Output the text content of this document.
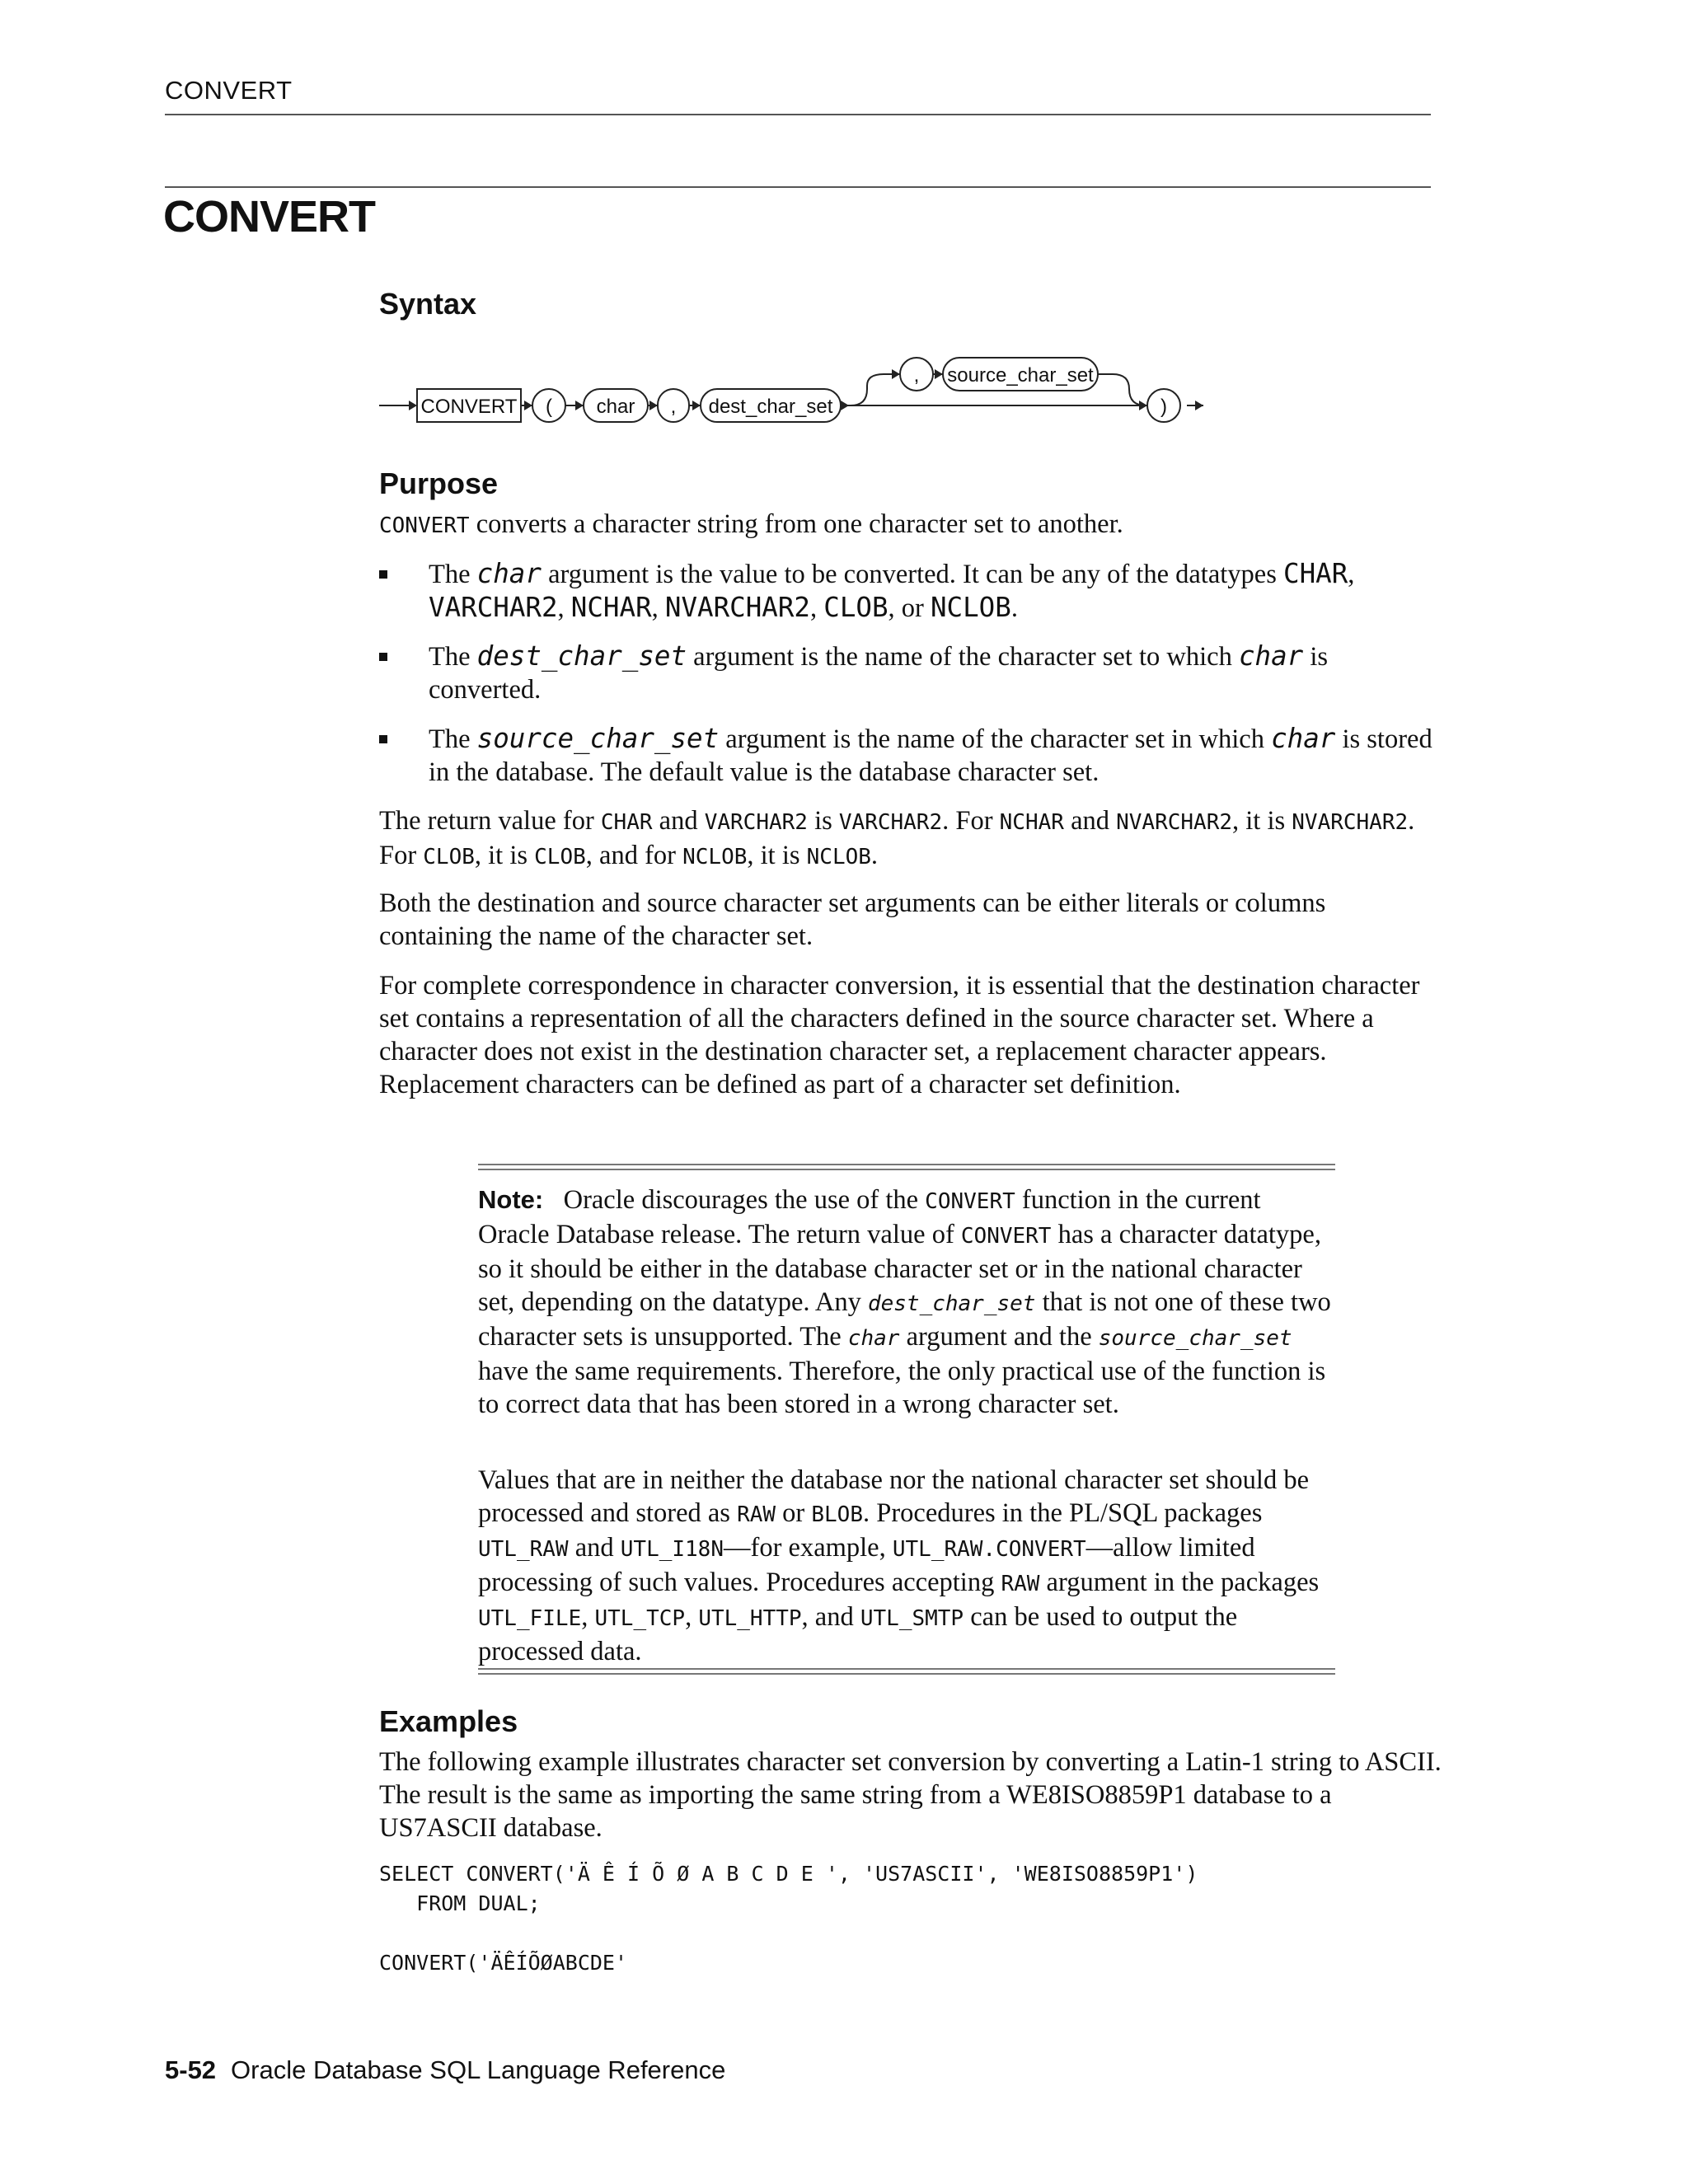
CONVERT
CONVERT
Syntax
CONVERT ( char , dest_char_set
, source_char_set
)
Purpose

CONVERT converts a character string from one character set to another.

The char argument is the value to be converted. It can be any of the datatypes CHAR, VARCHAR2, NCHAR, NVARCHAR2, CLOB, or NCLOB.
The dest_char_set argument is the name of the character set to which char is converted.
The source_char_set argument is the name of the character set in which char is stored in the database. The default value is the database character set.

The return value for CHAR and VARCHAR2 is VARCHAR2. For NCHAR and NVARCHAR2, it is NVARCHAR2. For CLOB, it is CLOB, and for NCLOB, it is NCLOB.

Both the destination and source character set arguments can be either literals or columns containing the name of the character set.

For complete correspondence in character conversion, it is essential that the destination character set contains a representation of all the characters defined in the source character set. Where a character does not exist in the destination character set, a replacement character appears. Replacement characters can be defined as part of a character set definition.

Note: Oracle discourages the use of the CONVERT function in the current Oracle Database release. The return value of CONVERT has a character datatype, so it should be either in the database character set or in the national character set, depending on the datatype. Any dest_char_set that is not one of these two character sets is unsupported. The char argument and the source_char_set have the same requirements. Therefore, the only practical use of the function is to correct data that has been stored in a wrong character set.

Values that are in neither the database nor the national character set should be processed and stored as RAW or BLOB. Procedures in the PL/SQL packages UTL_RAW and UTL_I18N—for example, UTL_RAW.CONVERT—allow limited processing of such values. Procedures accepting RAW argument in the packages UTL_FILE, UTL_TCP, UTL_HTTP, and UTL_SMTP can be used to output the processed data.

Examples

The following example illustrates character set conversion by converting a Latin-1 string to ASCII. The result is the same as importing the same string from a WE8ISO8859P1 database to a US7ASCII database.

SELECT CONVERT('Ä Ê Í Õ Ø A B C D E ', 'US7ASCII', 'WE8ISO8859P1')
FROM DUAL;

CONVERT('ÄÊÍÕØABCDE'
5-52 Oracle Database SQL Language Reference
